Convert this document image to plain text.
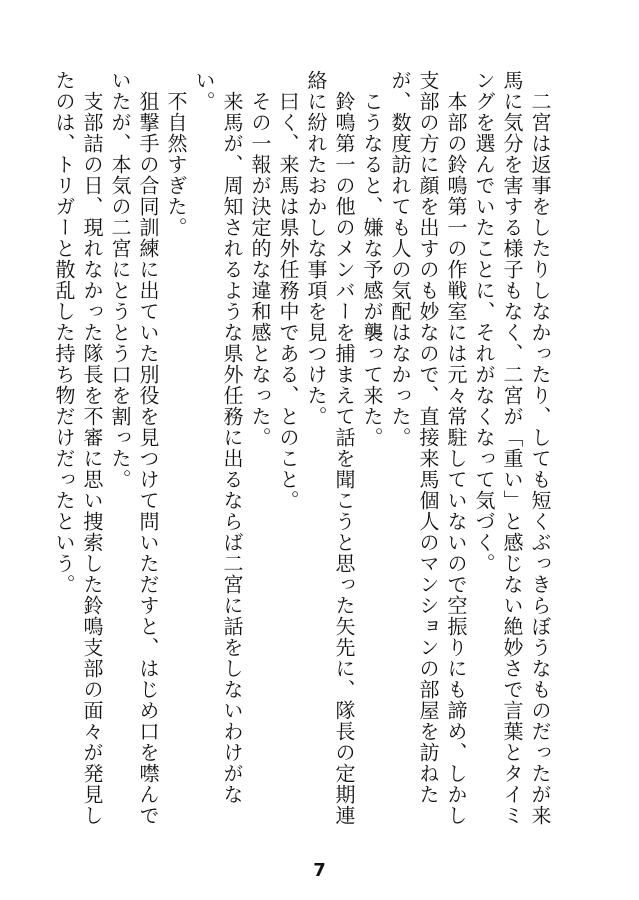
　二宮は返事をしたりしなかったり、しても短くぶっきらぼうなものだったが来馬に気分を害する様子もなく、二宮が「重い」と感じない絶妙さで言葉とタイミングを選んでいたことに、それがなくなって気づく。

　本部の鈴鳴第一の作戦室には元々常駐していないので空振りにも諦め、しかし支部の方に顔を出すのも妙なので、直接来馬個人のマンションの部屋を訪ねたが、数度訪れても人の気配はなかった。

　こうなると、嫌な予感が襲って来た。

　鈴鳴第一の他のメンバーを捕まえて話を聞こうと思った矢先に、隊長の定期連絡に紛れたおかしな事項を見つけた。

　曰く、来馬は県外任務中である、とのこと。

　その一報が決定的な違和感となった。

　来馬が、周知されるような県外任務に出るならば二宮に話をしないわけがない。

　不自然すぎた。

　狙撃手の合同訓練に出ていた別役を見つけて問いただすと、はじめ口を噤んでいたが、本気の二宮にとうとう口を割った。

　支部詰の日、現れなかった隊長を不審に思い捜索した鈴鳴支部の面々が発見したのは、トリガーと散乱した持ち物だけだったという。

7
